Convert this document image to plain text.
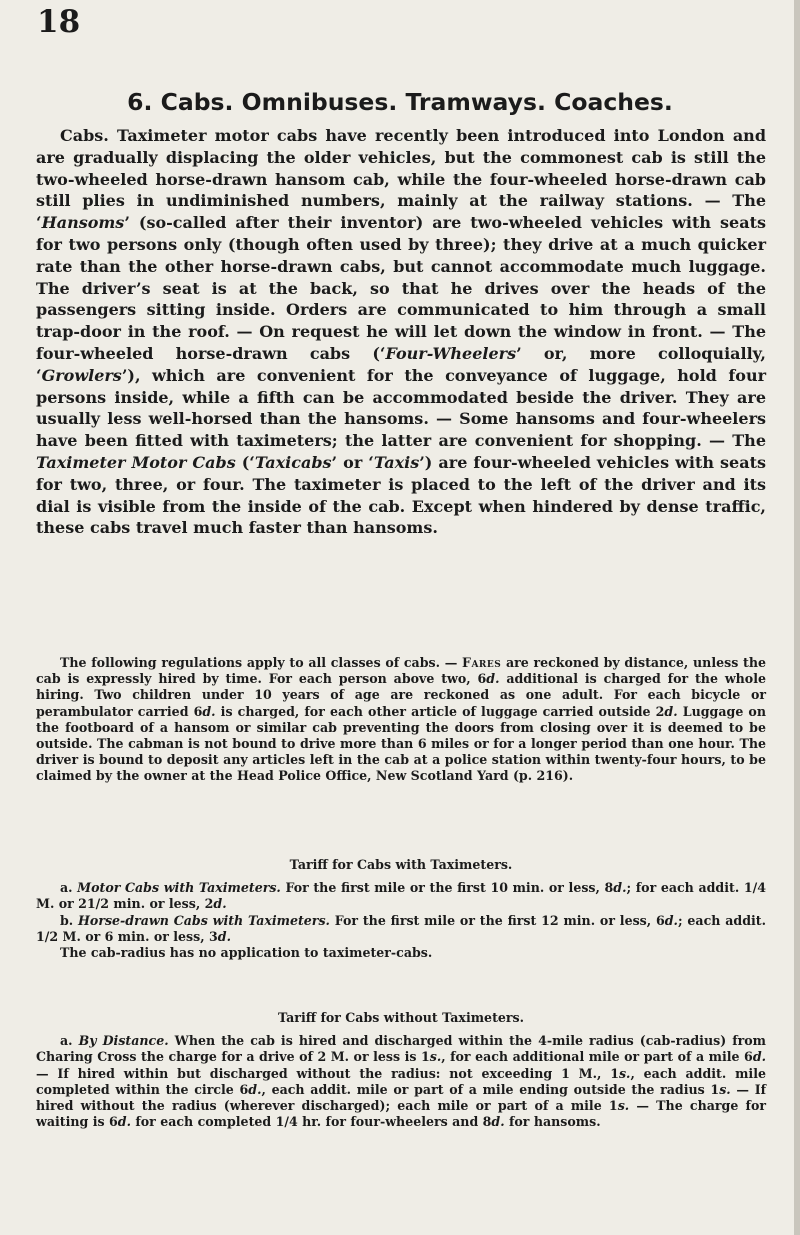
18
6. Cabs. Omnibuses. Tramways. Coaches.
Cabs. Taximeter motor cabs have recently been introduced into London and are gradually displacing the older vehicles, but the commonest cab is still the two-wheeled horse-drawn hansom cab, while the four-wheeled horse-drawn cab still plies in undiminished numbers, mainly at the railway stations. — The ‘Hansoms’ (so-called after their inventor) are two-wheeled vehicles with seats for two persons only (though often used by three); they drive at a much quicker rate than the other horse-drawn cabs, but cannot accommodate much luggage. The driver’s seat is at the back, so that he drives over the heads of the passengers sitting inside. Orders are communicated to him through a small trap-door in the roof. — On request he will let down the window in front. — The four-wheeled horse-drawn cabs (‘Four-Wheelers’ or, more colloquially, ‘Growlers’), which are convenient for the conveyance of luggage, hold four persons inside, while a fifth can be accommodated beside the driver. They are usually less well-horsed than the hansoms. — Some hansoms and four-wheelers have been fitted with taximeters; the latter are convenient for shopping. — The Taximeter Motor Cabs (‘Taxicabs’ or ‘Taxis’) are four-wheeled vehicles with seats for two, three, or four. The taximeter is placed to the left of the driver and its dial is visible from the inside of the cab. Except when hindered by dense traffic, these cabs travel much faster than hansoms.
The following regulations apply to all classes of cabs. — Fares are reckoned by distance, unless the cab is expressly hired by time. For each person above two, 6d. additional is charged for the whole hiring. Two children under 10 years of age are reckoned as one adult. For each bicycle or perambulator carried 6d. is charged, for each other article of luggage carried outside 2d. Luggage on the footboard of a hansom or similar cab preventing the doors from closing over it is deemed to be outside. The cabman is not bound to drive more than 6 miles or for a longer period than one hour. The driver is bound to deposit any articles left in the cab at a police station within twenty-four hours, to be claimed by the owner at the Head Police Office, New Scotland Yard (p. 216).

Tariff for Cabs with Taximeters.

a. Motor Cabs with Taximeters. For the first mile or the first 10 min. or less, 8d.; for each addit. 1/4 M. or 21/2 min. or less, 2d.

b. Horse-drawn Cabs with Taximeters. For the first mile or the first 12 min. or less, 6d.; each addit. 1/2 M. or 6 min. or less, 3d.

The cab-radius has no application to taximeter-cabs.

Tariff for Cabs without Taximeters.

a. By Distance. When the cab is hired and discharged within the 4-mile radius (cab-radius) from Charing Cross the charge for a drive of 2 M. or less is 1s., for each additional mile or part of a mile 6d. — If hired within but discharged without the radius: not exceeding 1 M., 1s., each addit. mile completed within the circle 6d., each addit. mile or part of a mile ending outside the radius 1s. — If hired without the radius (wherever discharged); each mile or part of a mile 1s. — The charge for waiting is 6d. for each completed 1/4 hr. for four-wheelers and 8d. for hansoms.
